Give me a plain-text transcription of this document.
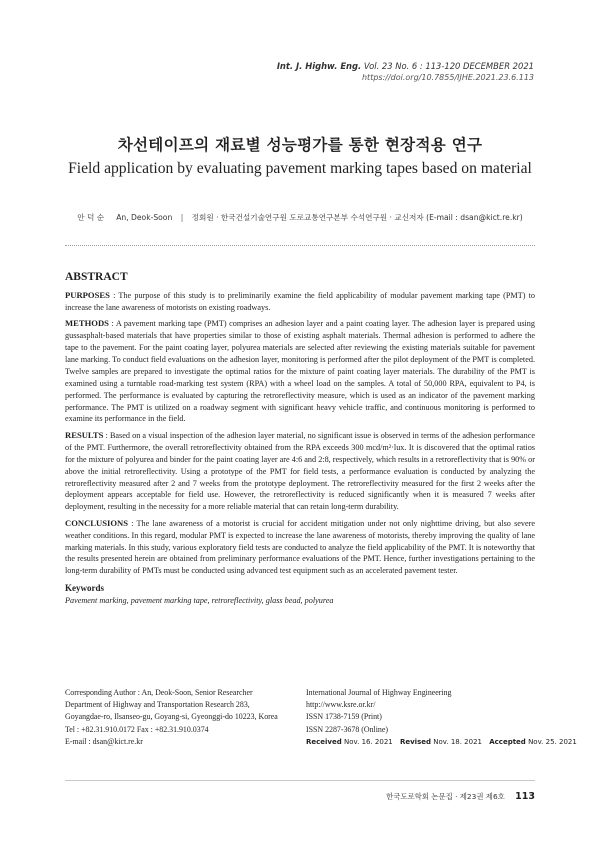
Int. J. Highw. Eng. Vol. 23 No. 6 : 113-120 DECEMBER 2021
https://doi.org/10.7855/IJHE.2021.23.6.113
차선테이프의 재료별 성능평가를 통한 현장적용 연구
Field application by evaluating pavement marking tapes based on material
안 덕 순 An, Deok-Soon | 정회원 · 한국건설기술연구원 도로교통연구본부 수석연구원 · 교신저자 (E-mail : dsan@kict.re.kr)
ABSTRACT

PURPOSES : The purpose of this study is to preliminarily examine the field applicability of modular pavement marking tape (PMT) to increase the lane awareness of motorists on existing roadways.

METHODS : A pavement marking tape (PMT) comprises an adhesion layer and a paint coating layer. The adhesion layer is prepared using gussasphalt-based materials that have properties similar to those of existing asphalt materials. Thermal adhesion is performed to adhere the tape to the pavement. For the paint coating layer, polyurea materials are selected after reviewing the existing materials suitable for pavement lane marking. To conduct field evaluations on the adhesion layer, monitoring is performed after the pilot deployment of the PMT is completed. Twelve samples are prepared to investigate the optimal ratios for the mixture of paint coating layer materials. The durability of the PMT is examined using a turntable road-marking test system (RPA) with a wheel load on the samples. A total of 50,000 RPA, equivalent to P4, is performed. The performance is evaluated by capturing the retroreflectivity measure, which is used as an indicator of the pavement marking performance. The PMT is utilized on a roadway segment with significant heavy vehicle traffic, and continuous monitoring is performed to examine its performance in the field.

RESULTS : Based on a visual inspection of the adhesion layer material, no significant issue is observed in terms of the adhesion performance of the PMT. Furthermore, the overall retroreflectivity obtained from the RPA exceeds 300 mcd/m²·lux. It is discovered that the optimal ratios for the mixture of polyurea and binder for the paint coating layer are 4:6 and 2:8, respectively, which results in a retroreflectivity that is 90% or above the initial retroreflectivity. Using a prototype of the PMT for field tests, a performance evaluation is conducted by analyzing the retroreflectivity measured after 2 and 7 weeks from the prototype deployment. The retroreflectivity measured for the first 2 weeks after the deployment appears acceptable for field use. However, the retroreflectivity is reduced significantly when it is measured 7 weeks after deployment, resulting in the necessity for a more reliable material that can retain long-term durability.

CONCLUSIONS : The lane awareness of a motorist is crucial for accident mitigation under not only nighttime driving, but also severe weather conditions. In this regard, modular PMT is expected to increase the lane awareness of motorists, thereby improving the quality of lane marking materials. In this study, various exploratory field tests are conducted to analyze the field applicability of the PMT. It is noteworthy that the results presented herein are obtained from preliminary performance evaluations of the PMT. Hence, further investigations pertaining to the long-term durability of PMTs must be conducted using advanced test equipment such as an accelerated pavement tester.

Keywords
Pavement marking, pavement marking tape, retroreflectivity, glass bead, polyurea
Corresponding Author : An, Deok-Soon, Senior Researcher
Department of Highway and Transportation Research 283,
Goyangdae-ro, Ilsanseo-gu, Goyang-si, Gyeonggi-do 10223, Korea
Tel : +82.31.910.0172 Fax : +82.31.910.0374
E-mail : dsan@kict.re.kr
International Journal of Highway Engineering
http://www.ksre.or.kr/
ISSN 1738-7159 (Print)
ISSN 2287-3678 (Online)
Received Nov. 16. 2021 Revised Nov. 18. 2021 Accepted Nov. 25. 2021
한국도로학회 논문집 · 제23권 제6호 113
